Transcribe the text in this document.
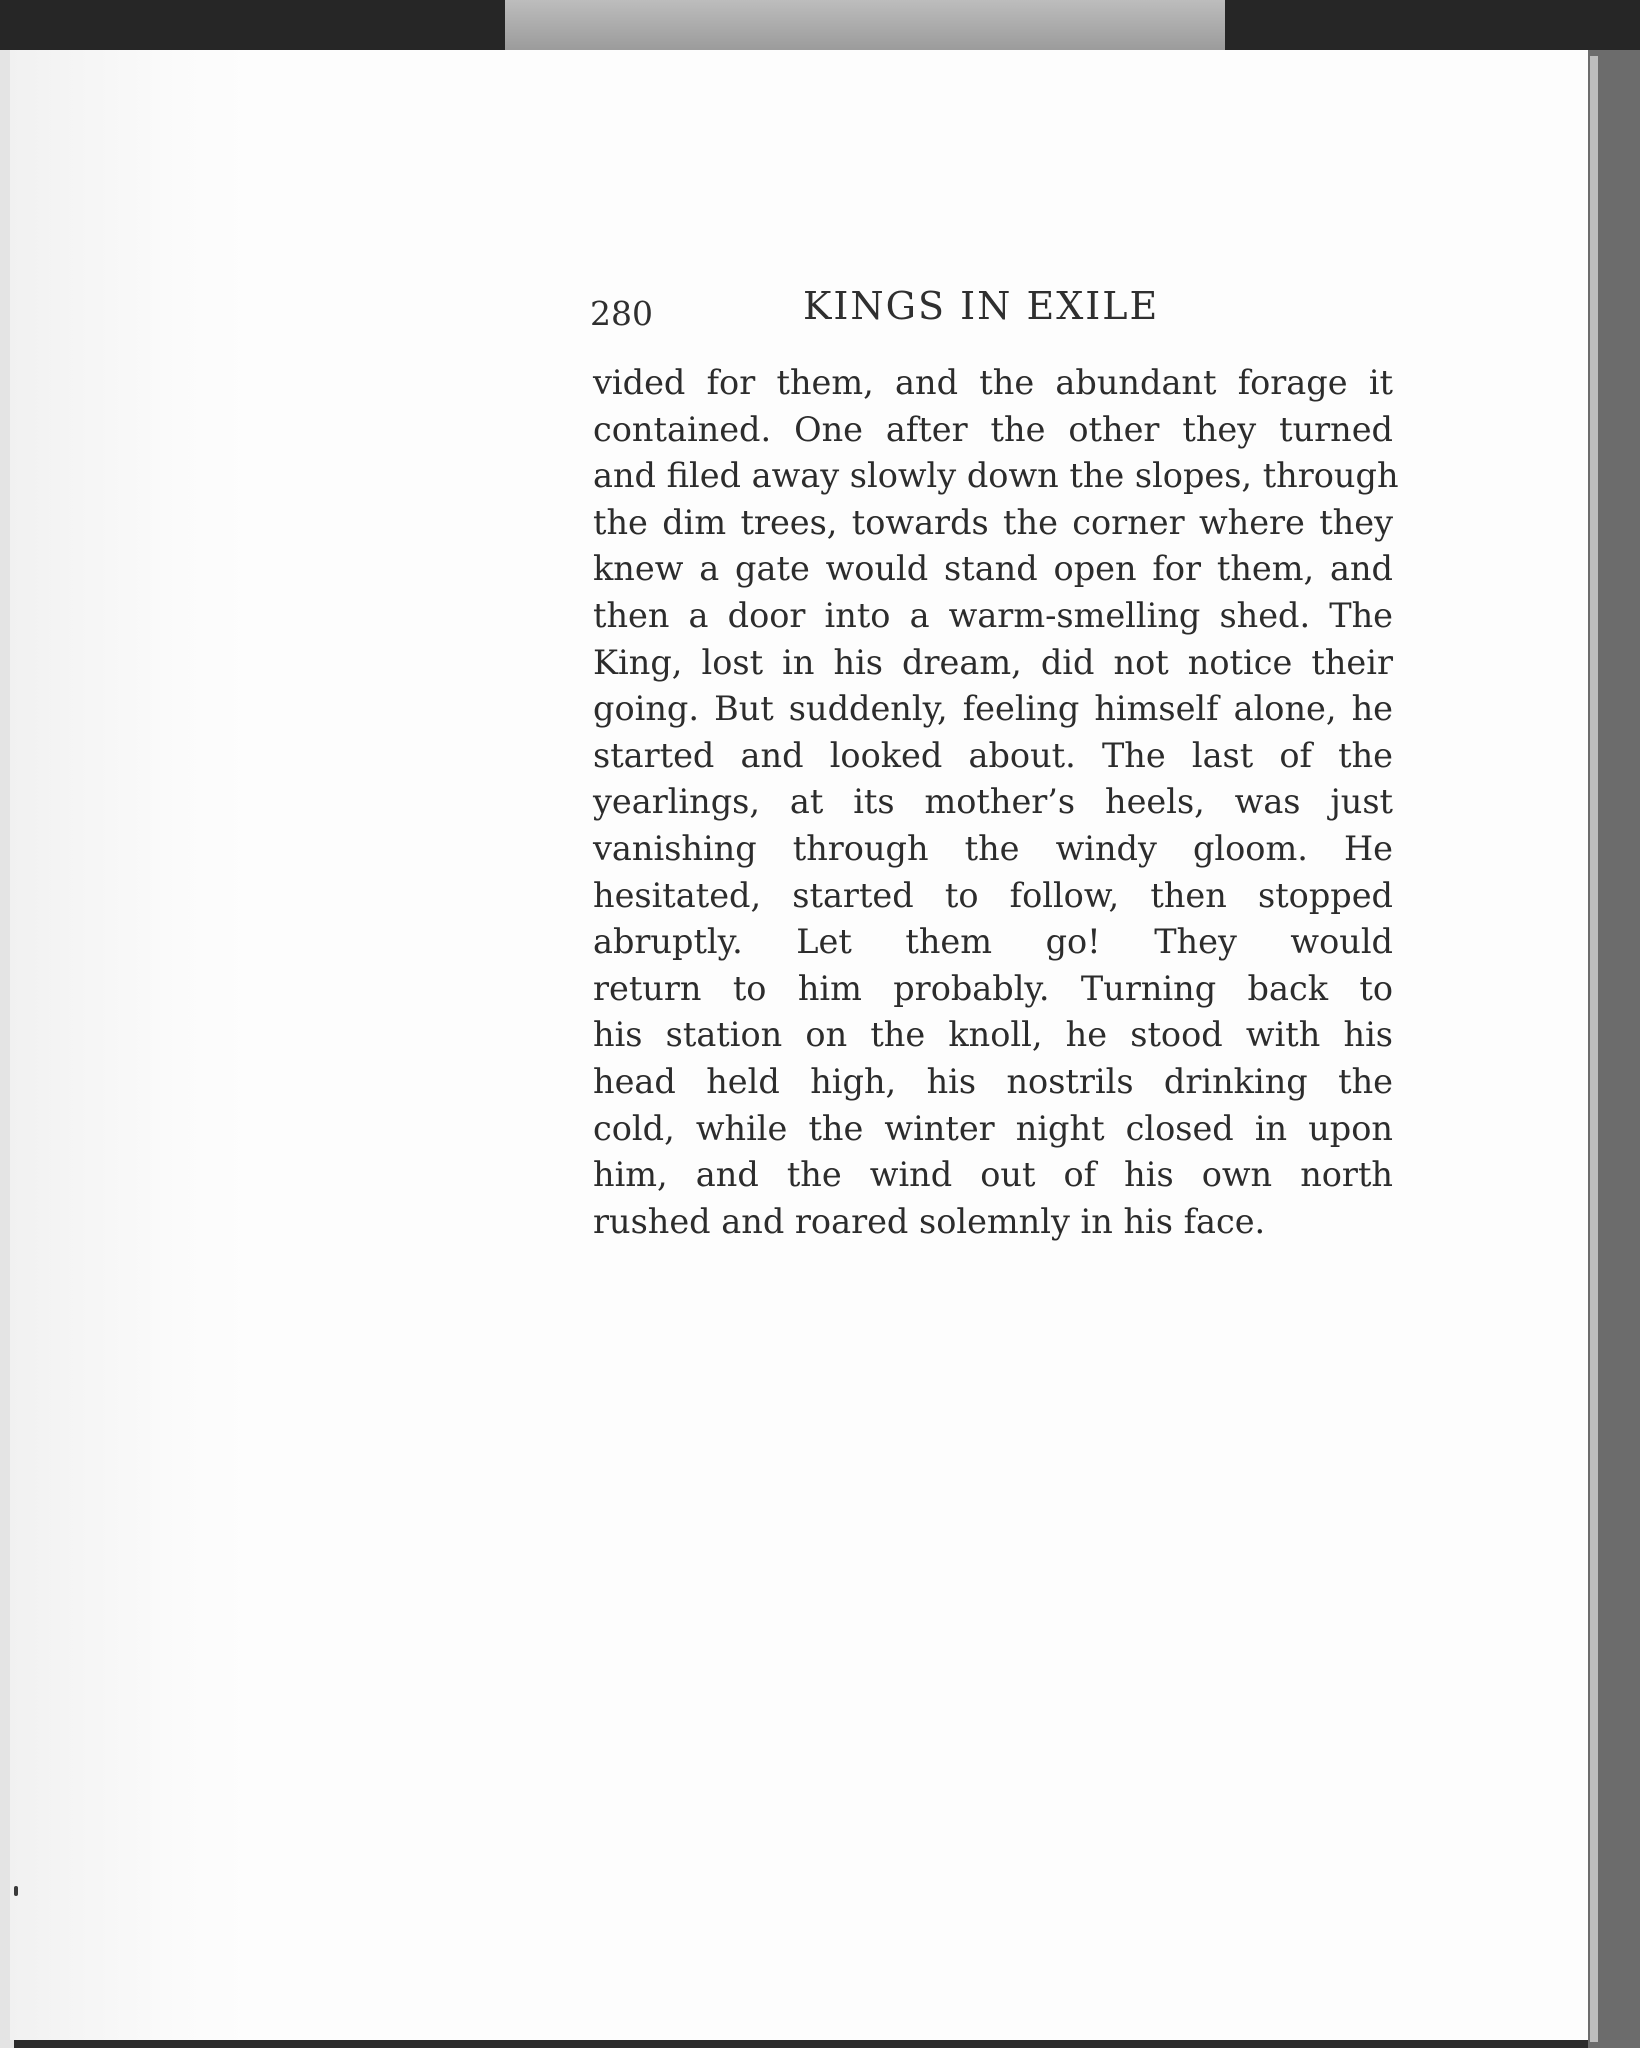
280	KINGS IN EXILE
vided for them, and the abundant forage it
contained. One after the other they turned
and filed away slowly down the slopes, through
the dim trees, towards the corner where they
knew a gate would stand open for them, and
then a door into a warm-smelling shed. The
King, lost in his dream, did not notice their
going. But suddenly, feeling himself alone, he
started and looked about. The last of the
yearlings, at its mother’s heels, was just
vanishing through the windy gloom. He
hesitated, started to follow, then stopped
abruptly. Let them go! They would
return to him probably. Turning back to
his station on the knoll, he stood with his
head held high, his nostrils drinking the
cold, while the winter night closed in upon
him, and the wind out of his own north
rushed and roared solemnly in his face.
